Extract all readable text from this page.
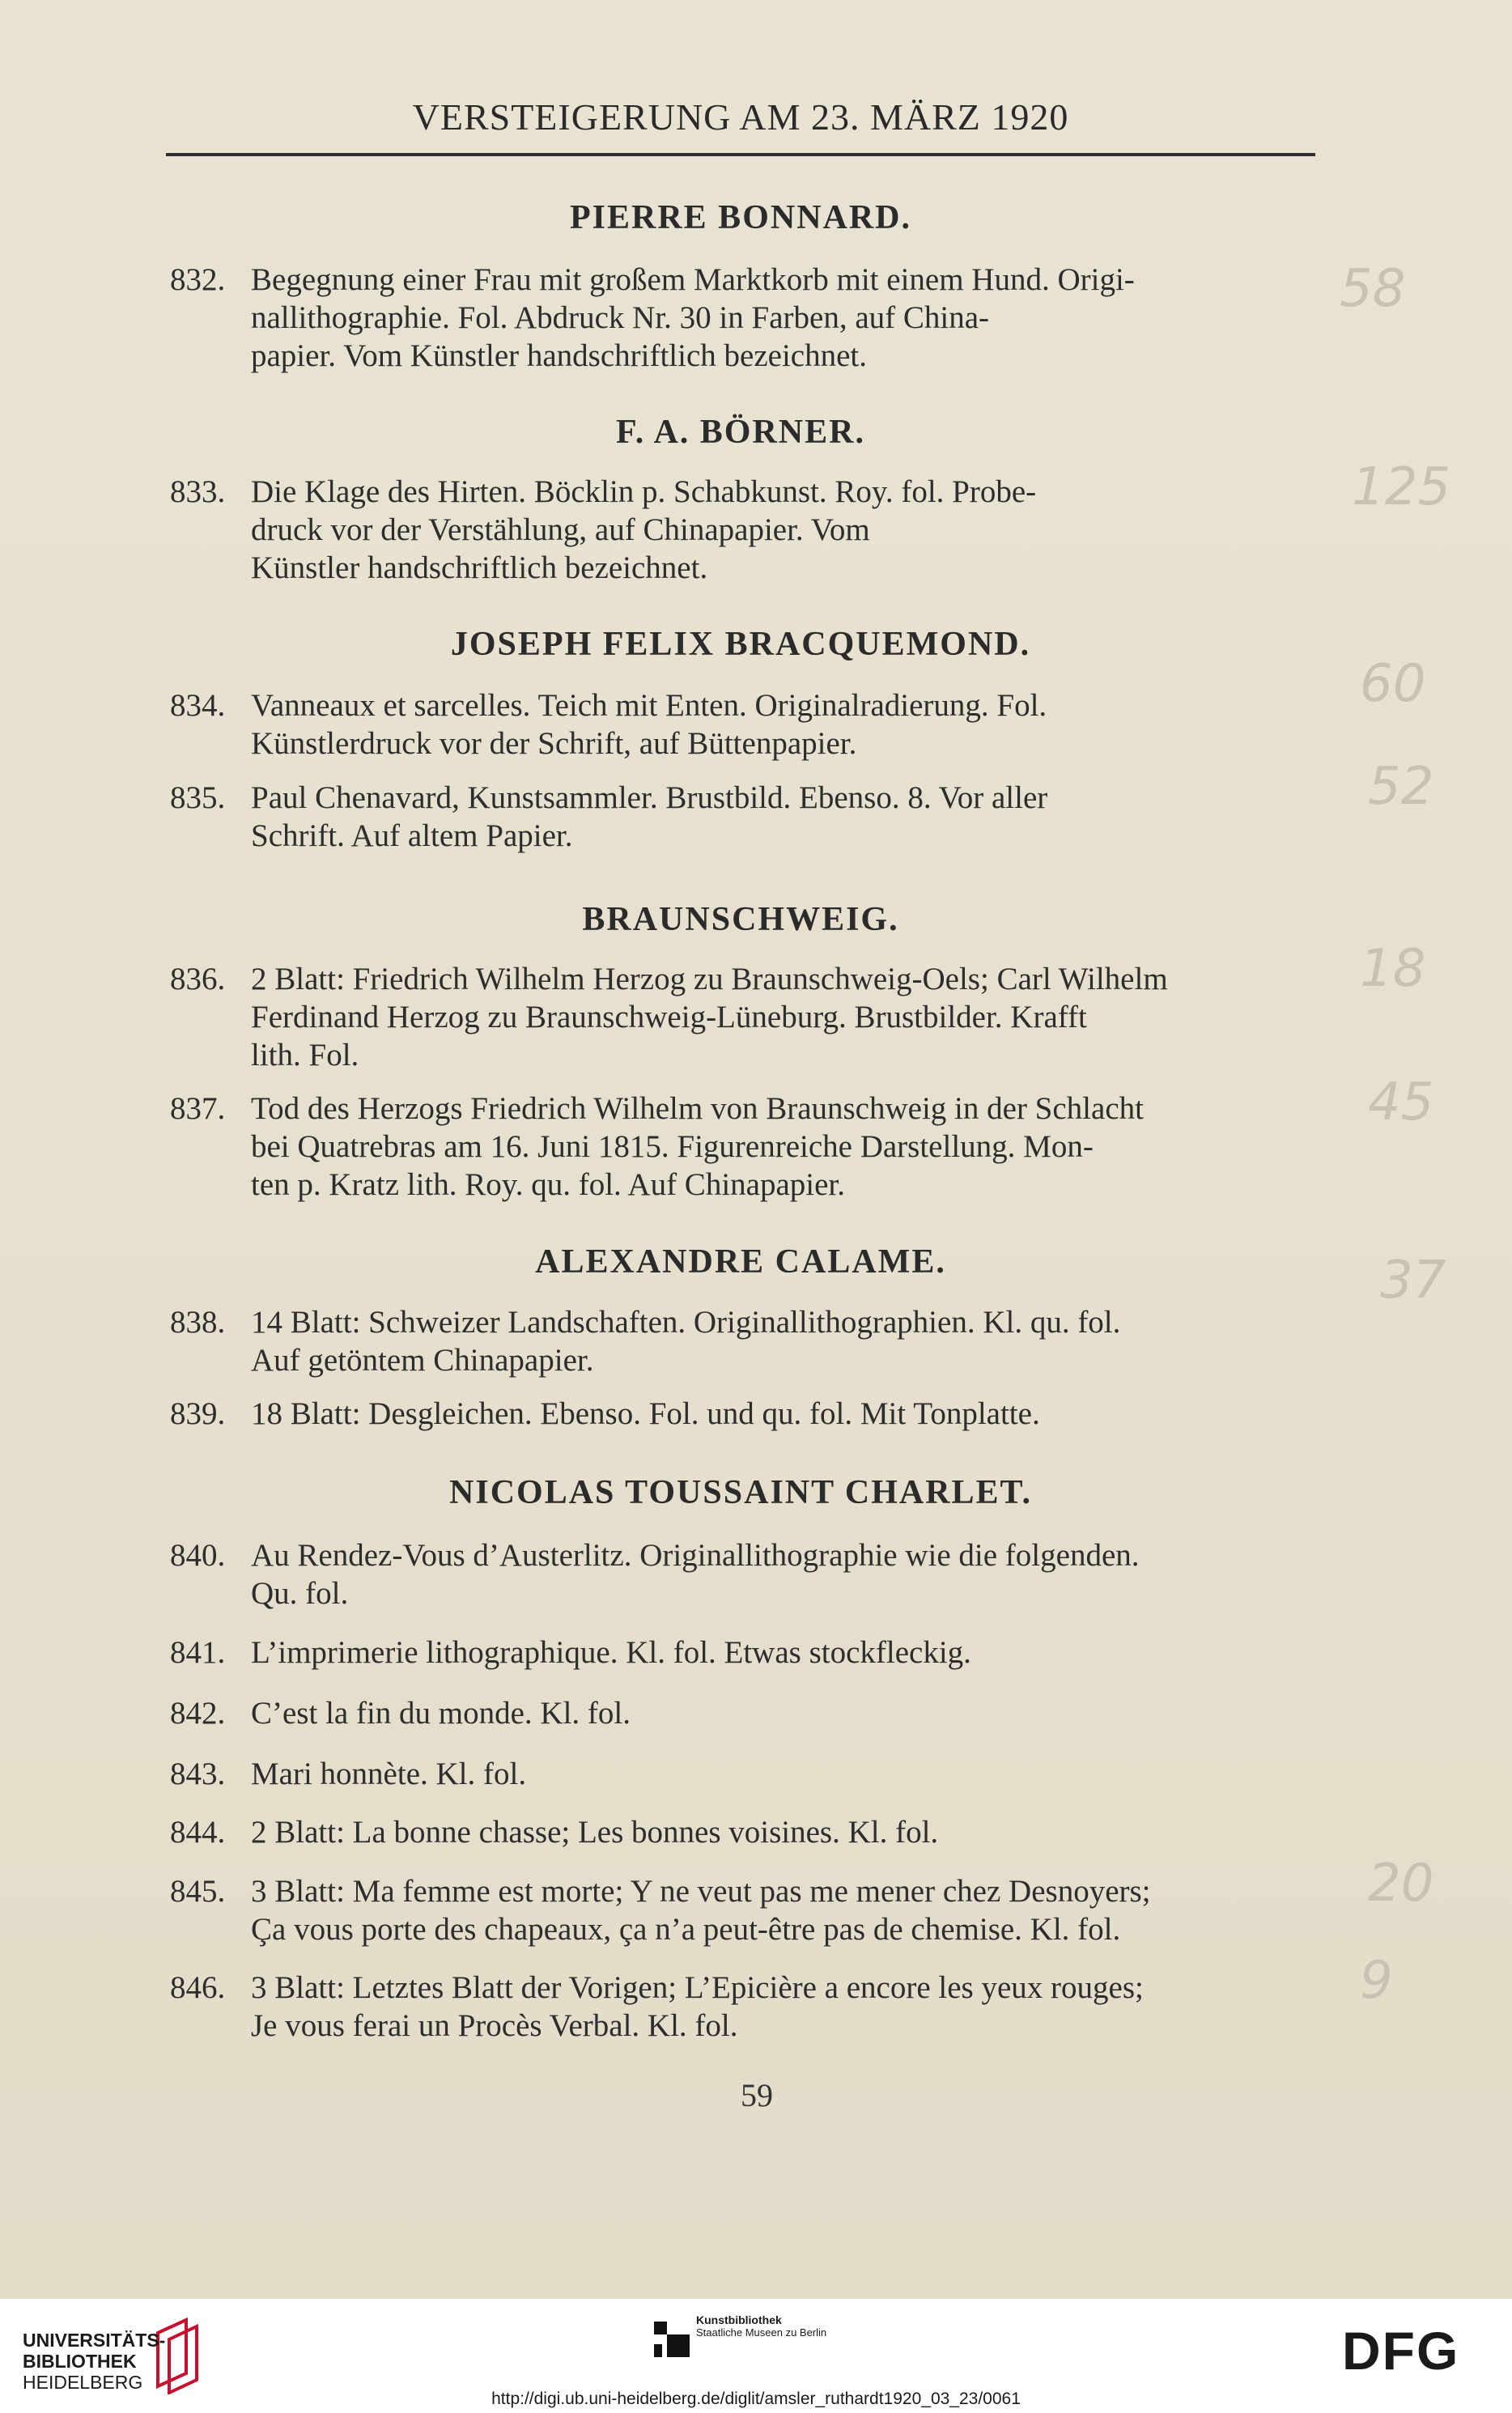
VERSTEIGERUNG AM 23. MÄRZ 1920
PIERRE BONNARD.
832. Begegnung einer Frau mit großem Marktkorb mit einem Hund. Origi-
nallithographie. Fol. Abdruck Nr. 30 in Farben, auf China-
papier. Vom Künstler handschriftlich bezeichnet.
F. A. BÖRNER.
833. Die Klage des Hirten. Böcklin p. Schabkunst. Roy. fol. Probe-
druck vor der Verstählung, auf Chinapapier. Vom
Künstler handschriftlich bezeichnet.
JOSEPH FELIX BRACQUEMOND.
834. Vanneaux et sarcelles. Teich mit Enten. Originalradierung. Fol.
Künstlerdruck vor der Schrift, auf Büttenpapier.
835. Paul Chenavard, Kunstsammler. Brustbild. Ebenso. 8. Vor aller
Schrift. Auf altem Papier.
BRAUNSCHWEIG.
836. 2 Blatt: Friedrich Wilhelm Herzog zu Braunschweig-Oels; Carl Wilhelm
Ferdinand Herzog zu Braunschweig-Lüneburg. Brustbilder. Krafft
lith. Fol.
837. Tod des Herzogs Friedrich Wilhelm von Braunschweig in der Schlacht
bei Quatrebras am 16. Juni 1815. Figurenreiche Darstellung. Mon-
ten p. Kratz lith. Roy. qu. fol. Auf Chinapapier.
ALEXANDRE CALAME.
838. 14 Blatt: Schweizer Landschaften. Originallithographien. Kl. qu. fol.
Auf getöntem Chinapapier.
839. 18 Blatt: Desgleichen. Ebenso. Fol. und qu. fol. Mit Tonplatte.
NICOLAS TOUSSAINT CHARLET.
840. Au Rendez-Vous d’Austerlitz. Originallithographie wie die folgenden.
Qu. fol.
841. L’imprimerie lithographique. Kl. fol. Etwas stockfleckig.
842. C’est la fin du monde. Kl. fol.
843. Mari honnète. Kl. fol.
844. 2 Blatt: La bonne chasse; Les bonnes voisines. Kl. fol.
845. 3 Blatt: Ma femme est morte; Y ne veut pas me mener chez Desnoyers;
Ça vous porte des chapeaux, ça n’a peut-être pas de chemise. Kl. fol.
846. 3 Blatt: Letztes Blatt der Vorigen; L’Epicière a encore les yeux rouges;
Je vous ferai un Procès Verbal. Kl. fol.
59
58
125
60
52
18
45
37
20
9
UNIVERSITÄTS-
BIBLIOTHEK
HEIDELBERG
Kunstbibliothek
Staatliche Museen zu Berlin	DFG
http://digi.ub.uni-heidelberg.de/diglit/amsler_ruthardt1920_03_23/0061
